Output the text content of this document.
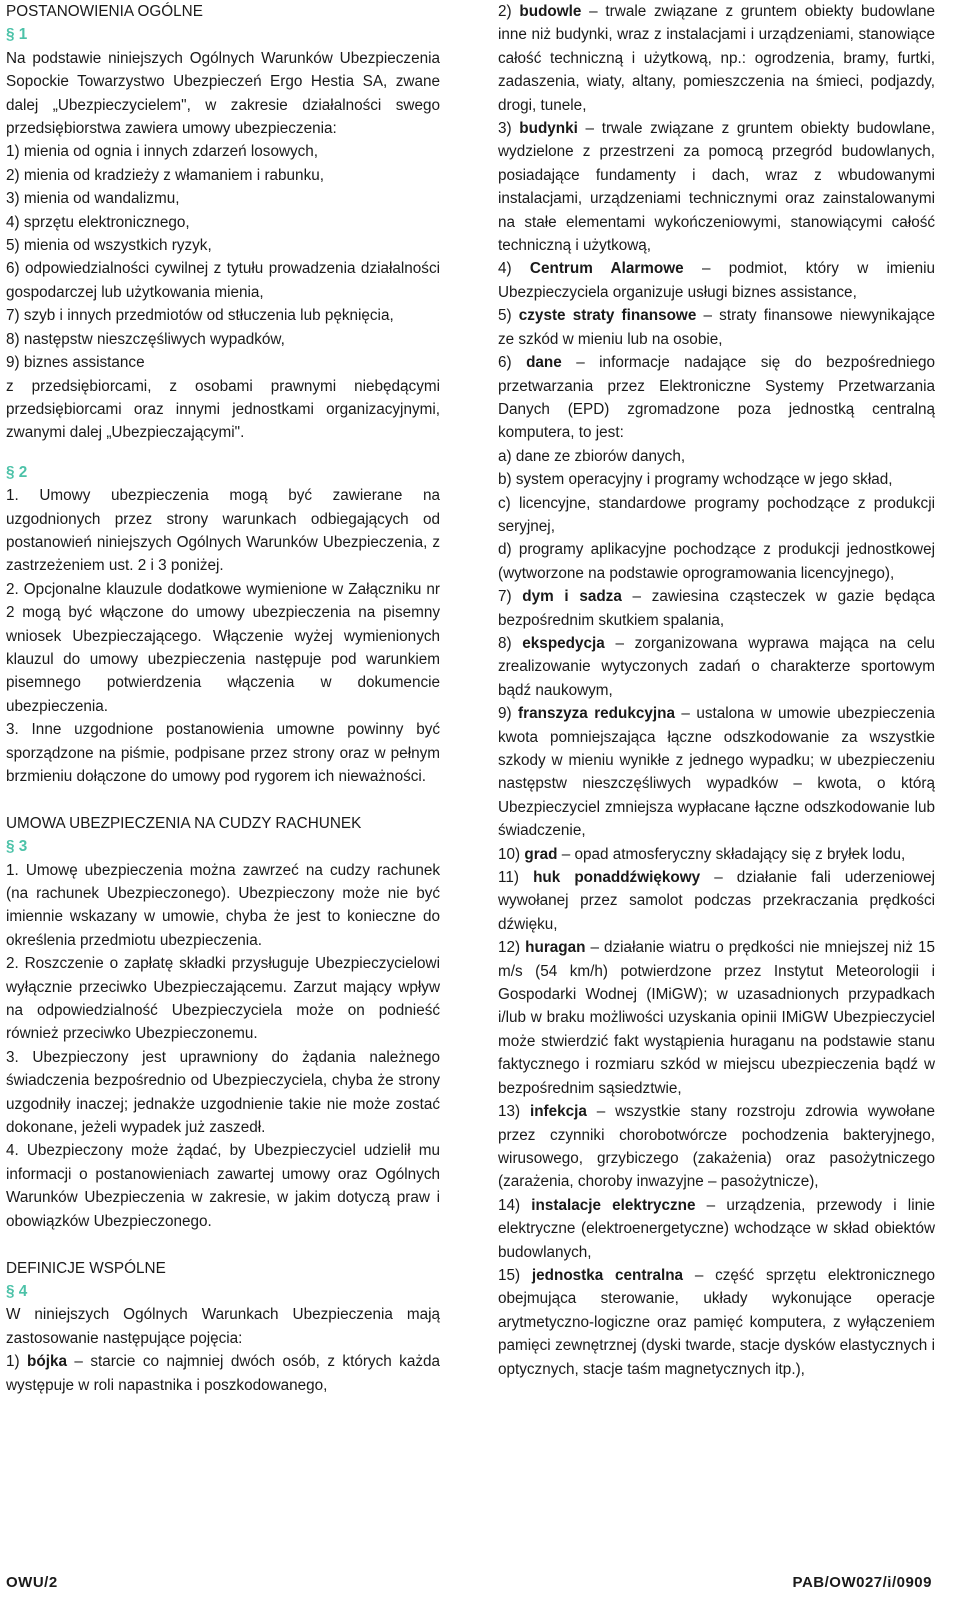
POSTANOWIENIA OGÓLNE

§ 1

Na podstawie niniejszych Ogólnych Warunków Ubezpieczenia Sopockie Towarzystwo Ubezpieczeń Ergo Hestia SA, zwane dalej „Ubezpieczycielem", w zakresie działalności swego przedsiębiorstwa zawiera umowy ubezpieczenia:

1) mienia od ognia i innych zdarzeń losowych,

2) mienia od kradzieży z włamaniem i rabunku,

3) mienia od wandalizmu,

4) sprzętu elektronicznego,

5) mienia od wszystkich ryzyk,

6) odpowiedzialności cywilnej z tytułu prowadzenia działalności gospodarczej lub użytkowania mienia,

7) szyb i innych przedmiotów od stłuczenia lub pęknięcia,

8) następstw nieszczęśliwych wypadków,

9) biznes assistance

z przedsiębiorcami, z osobami prawnymi niebędącymi przedsiębiorcami oraz innymi jednostkami organizacyjnymi, zwanymi dalej „Ubezpieczającymi".

§ 2

1. Umowy ubezpieczenia mogą być zawierane na uzgodnionych przez strony warunkach odbiegających od postanowień niniejszych Ogólnych Warunków Ubezpieczenia, z zastrzeżeniem ust. 2 i 3 poniżej.

2. Opcjonalne klauzule dodatkowe wymienione w Załączniku nr 2 mogą być włączone do umowy ubezpieczenia na pisemny wniosek Ubezpieczającego. Włączenie wyżej wymienionych klauzul do umowy ubezpieczenia następuje pod warunkiem pisemnego potwierdzenia włączenia w dokumencie ubezpieczenia.

3. Inne uzgodnione postanowienia umowne powinny być sporządzone na piśmie, podpisane przez strony oraz w pełnym brzmieniu dołączone do umowy pod rygorem ich nieważności.

UMOWA UBEZPIECZENIA NA CUDZY RACHUNEK

§ 3

1. Umowę ubezpieczenia można zawrzeć na cudzy rachunek (na rachunek Ubezpieczonego). Ubezpieczony może nie być imiennie wskazany w umowie, chyba że jest to konieczne do określenia przedmiotu ubezpieczenia.

2. Roszczenie o zapłatę składki przysługuje Ubezpieczycielowi wyłącznie przeciwko Ubezpieczającemu. Zarzut mający wpływ na odpowiedzialność Ubezpieczyciela może on podnieść również przeciwko Ubezpieczonemu.

3. Ubezpieczony jest uprawniony do żądania należnego świadczenia bezpośrednio od Ubezpieczyciela, chyba że strony uzgodniły inaczej; jednakże uzgodnienie takie nie może zostać dokonane, jeżeli wypadek już zaszedł.

4. Ubezpieczony może żądać, by Ubezpieczyciel udzielił mu informacji o postanowieniach zawartej umowy oraz Ogólnych Warunków Ubezpieczenia w zakresie, w jakim dotyczą praw i obowiązków Ubezpieczonego.

DEFINICJE WSPÓLNE

§ 4

W niniejszych Ogólnych Warunkach Ubezpieczenia mają zastosowanie następujące pojęcia:

1) bójka – starcie co najmniej dwóch osób, z których każda występuje w roli napastnika i poszkodowanego,

2) budowle – trwale związane z gruntem obiekty budowlane inne niż budynki, wraz z instalacjami i urządzeniami, stanowiące całość techniczną i użytkową, np.: ogrodzenia, bramy, furtki, zadaszenia, wiaty, altany, pomieszczenia na śmieci, podjazdy, drogi, tunele,

3) budynki – trwale związane z gruntem obiekty budowlane, wydzielone z przestrzeni za pomocą przegród budowlanych, posiadające fundamenty i dach, wraz z wbudowanymi instalacjami, urządzeniami technicznymi oraz zainstalowanymi na stałe elementami wykończeniowymi, stanowiącymi całość techniczną i użytkową,

4) Centrum Alarmowe – podmiot, który w imieniu Ubezpieczyciela organizuje usługi biznes assistance,

5) czyste straty finansowe – straty finansowe niewynikające ze szkód w mieniu lub na osobie,

6) dane – informacje nadające się do bezpośredniego przetwarzania przez Elektroniczne Systemy Przetwarzania Danych (EPD) zgromadzone poza jednostką centralną komputera, to jest:

a) dane ze zbiorów danych,

b) system operacyjny i programy wchodzące w jego skład,

c) licencyjne, standardowe programy pochodzące z produkcji seryjnej,

d) programy aplikacyjne pochodzące z produkcji jednostkowej (wytworzone na podstawie oprogramowania licencyjnego),

7) dym i sadza – zawiesina cząsteczek w gazie będąca bezpośrednim skutkiem spalania,

8) ekspedycja – zorganizowana wyprawa mająca na celu zrealizowanie wytyczonych zadań o charakterze sportowym bądź naukowym,

9) franszyza redukcyjna – ustalona w umowie ubezpieczenia kwota pomniejszająca łączne odszkodowanie za wszystkie szkody w mieniu wynikłe z jednego wypadku; w ubezpieczeniu następstw nieszczęśliwych wypadków – kwota, o którą Ubezpieczyciel zmniejsza wypłacane łączne odszkodowanie lub świadczenie,

10) grad – opad atmosferyczny składający się z bryłek lodu,

11) huk ponaddźwiękowy – działanie fali uderzeniowej wywołanej przez samolot podczas przekraczania prędkości dźwięku,

12) huragan – działanie wiatru o prędkości nie mniejszej niż 15 m/s (54 km/h) potwierdzone przez Instytut Meteorologii i Gospodarki Wodnej (IMiGW); w uzasadnionych przypadkach i/lub w braku możliwości uzyskania opinii IMiGW Ubezpieczyciel może stwierdzić fakt wystąpienia huraganu na podstawie stanu faktycznego i rozmiaru szkód w miejscu ubezpieczenia bądź w bezpośrednim sąsiedztwie,

13) infekcja – wszystkie stany rozstroju zdrowia wywołane przez czynniki chorobotwórcze pochodzenia bakteryjnego, wirusowego, grzybiczego (zakażenia) oraz pasożytniczego (zarażenia, choroby inwazyjne – pasożytnicze),

14) instalacje elektryczne – urządzenia, przewody i linie elektryczne (elektroenergetyczne) wchodzące w skład obiektów budowlanych,

15) jednostka centralna – część sprzętu elektronicznego obejmująca sterowanie, układy wykonujące operacje arytmetyczno-logiczne oraz pamięć komputera, z wyłączeniem pamięci zewnętrznej (dyski twarde, stacje dysków elastycznych i optycznych, stacje taśm magnetycznych itp.),

OWU/2	PAB/OW027/i/0909
